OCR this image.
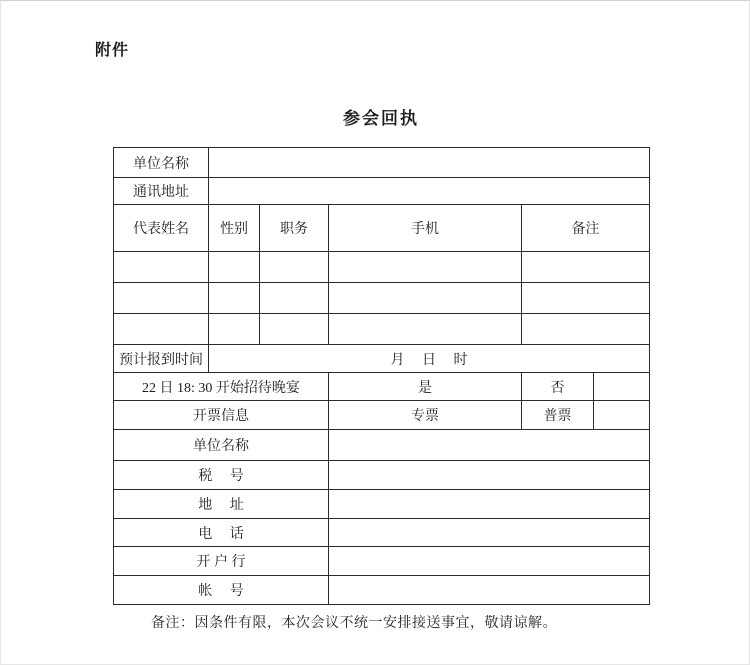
附件
参会回执
单位名称					
通讯地址					
代表姓名	性别	职务	手机	备注	

预计报到时间	月　 日　 时				
22 日 18: 30 开始招待晚宴			是	否	
开票信息			专票	普票	
单位名称					
税　 号					
地　 址					
电　 话					
开 户 行					
帐　 号					
备注：因条件有限，本次会议不统一安排接送事宜，敬请谅解。
